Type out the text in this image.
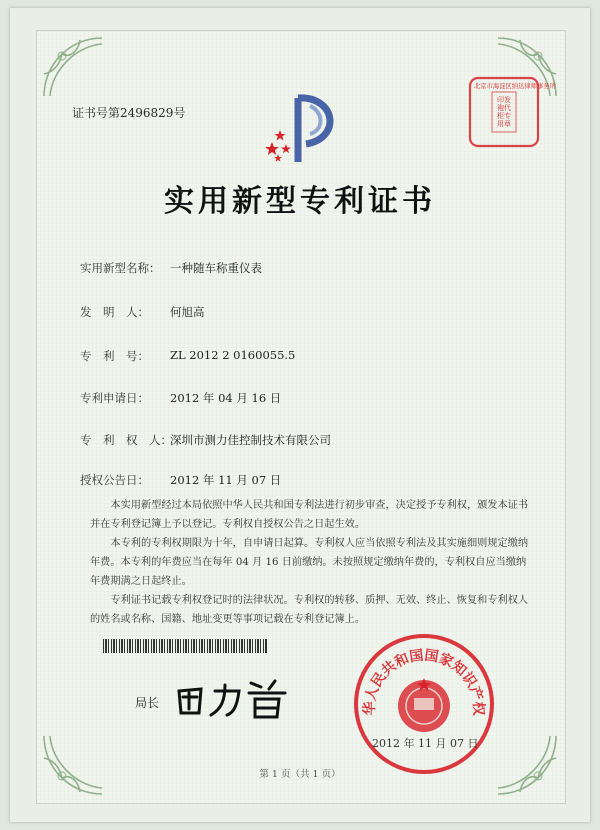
证书号第2496829号
印发袍代柜专用章
北京市海淀区纳达律师事务所
实用新型专利证书
实用新型名称： 一种随车称重仪表
发　明　人： 何旭高
专　利　号： ZL 2012 2 0160055.5
专利申请日： 2012 年 04 月 16 日
专　利　权　人：
深圳市测力佳控制技术有限公司
授权公告日： 2012 年 11 月 07 日

本实用新型经过本局依照中华人民共和国专利法进行初步审查，决定授予专利权，颁发本证书并在专利登记簿上予以登记。专利权自授权公告之日起生效。

本专利的专利权期限为十年，自申请日起算。专利权人应当依照专利法及其实施细则规定缴纳年费。本专利的年费应当在每年 04 月 16 日前缴纳。未按照规定缴纳年费的，专利权自应当缴纳年费期满之日起终止。

专利证书记载专利权登记时的法律状况。专利权的转移、质押、无效、终止、恢复和专利权人的姓名或名称、国籍、地址变更等事项记载在专利登记簿上。

局长	华人民共和国国家知识产权
2012 年 11 月 07 日
第 1 页（共 1 页）
